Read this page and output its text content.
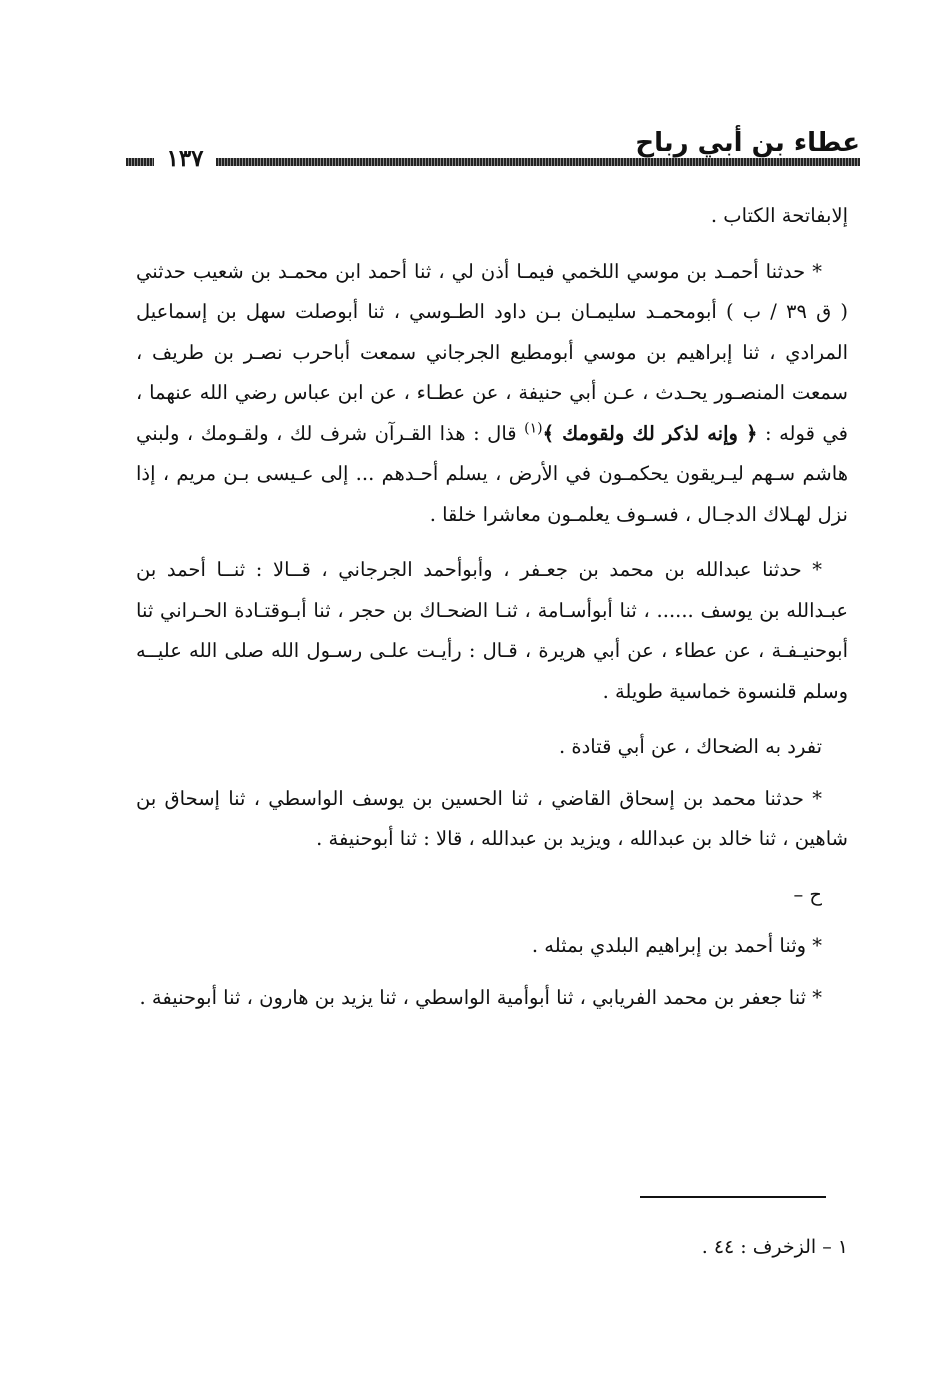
١٣٧
عطاء بن أبي رباح

إلابفاتحة الكتاب .

* حدثنا أحمـد بن موسي اللخمي فيمـا أذن لي ، ثنا أحمد ابن محمـد بن شعيب حدثني ( ق ٣٩ / ب ) أبومحمـد سليمـان بـن داود الطـوسي ، ثنا أبوصلت سهل بن إسماعيل المرادي ، ثنا إبراهيم بن موسي أبومطيع الجرجاني سمعت أباحرب نصـر بن طريف ، سمعت المنصـور يحـدث ، عـن أبي حنيفة ، عن عطـاء ، عن ابن عباس رضي الله عنهما ، في قوله : ﴿ وإنه لذكر لك ولقومك ﴾$^{(١)}$ قال : هذا القـرآن شرف لك ، ولقـومك ، ولبني هاشم سـهم ليـريقون يحكمـون في الأرض ، يسلم أحـدهم ... إلى عـيسى بـن مريم ، إذا نزل لهـلاك الدجـال ، فسـوف يعلمـون معاشرا خلقا .

* حدثنا عبدالله بن محمد بن جعـفر ، وأبوأحمد الجرجاني ، قــالا : ثنــا أحمد بن عبـدالله بن يوسف ...... ، ثنا أبوأسـامة ، ثنـا الضحـاك بن حجر ، ثنا أبـوقتـادة الحـراني ثنا أبوحنيـفـة ، عن عطاء ، عن أبي هريرة ، قـال : رأيـت علـى رسـول الله صلى الله عليــه وسلم قلنسوة خماسية طويلة .

تفرد به الضحاك ، عن أبي قتادة .

* حدثنا محمد بن إسحاق القاضي ، ثنا الحسين بن يوسف الواسطي ، ثنا إسحاق بن شاهين ، ثنا خالد بن عبدالله ، ويزيد بن عبدالله ، قالا : ثنا أبوحنيفة .

ح –

* وثنا أحمد بن إبراهيم البلدي بمثله .

* ثنا جعفر بن محمد الفريابي ، ثنا أبوأمية الواسطي ، ثنا يزيد بن هارون ، ثنا أبوحنيفة .

١ – الزخرف : ٤٤ .
